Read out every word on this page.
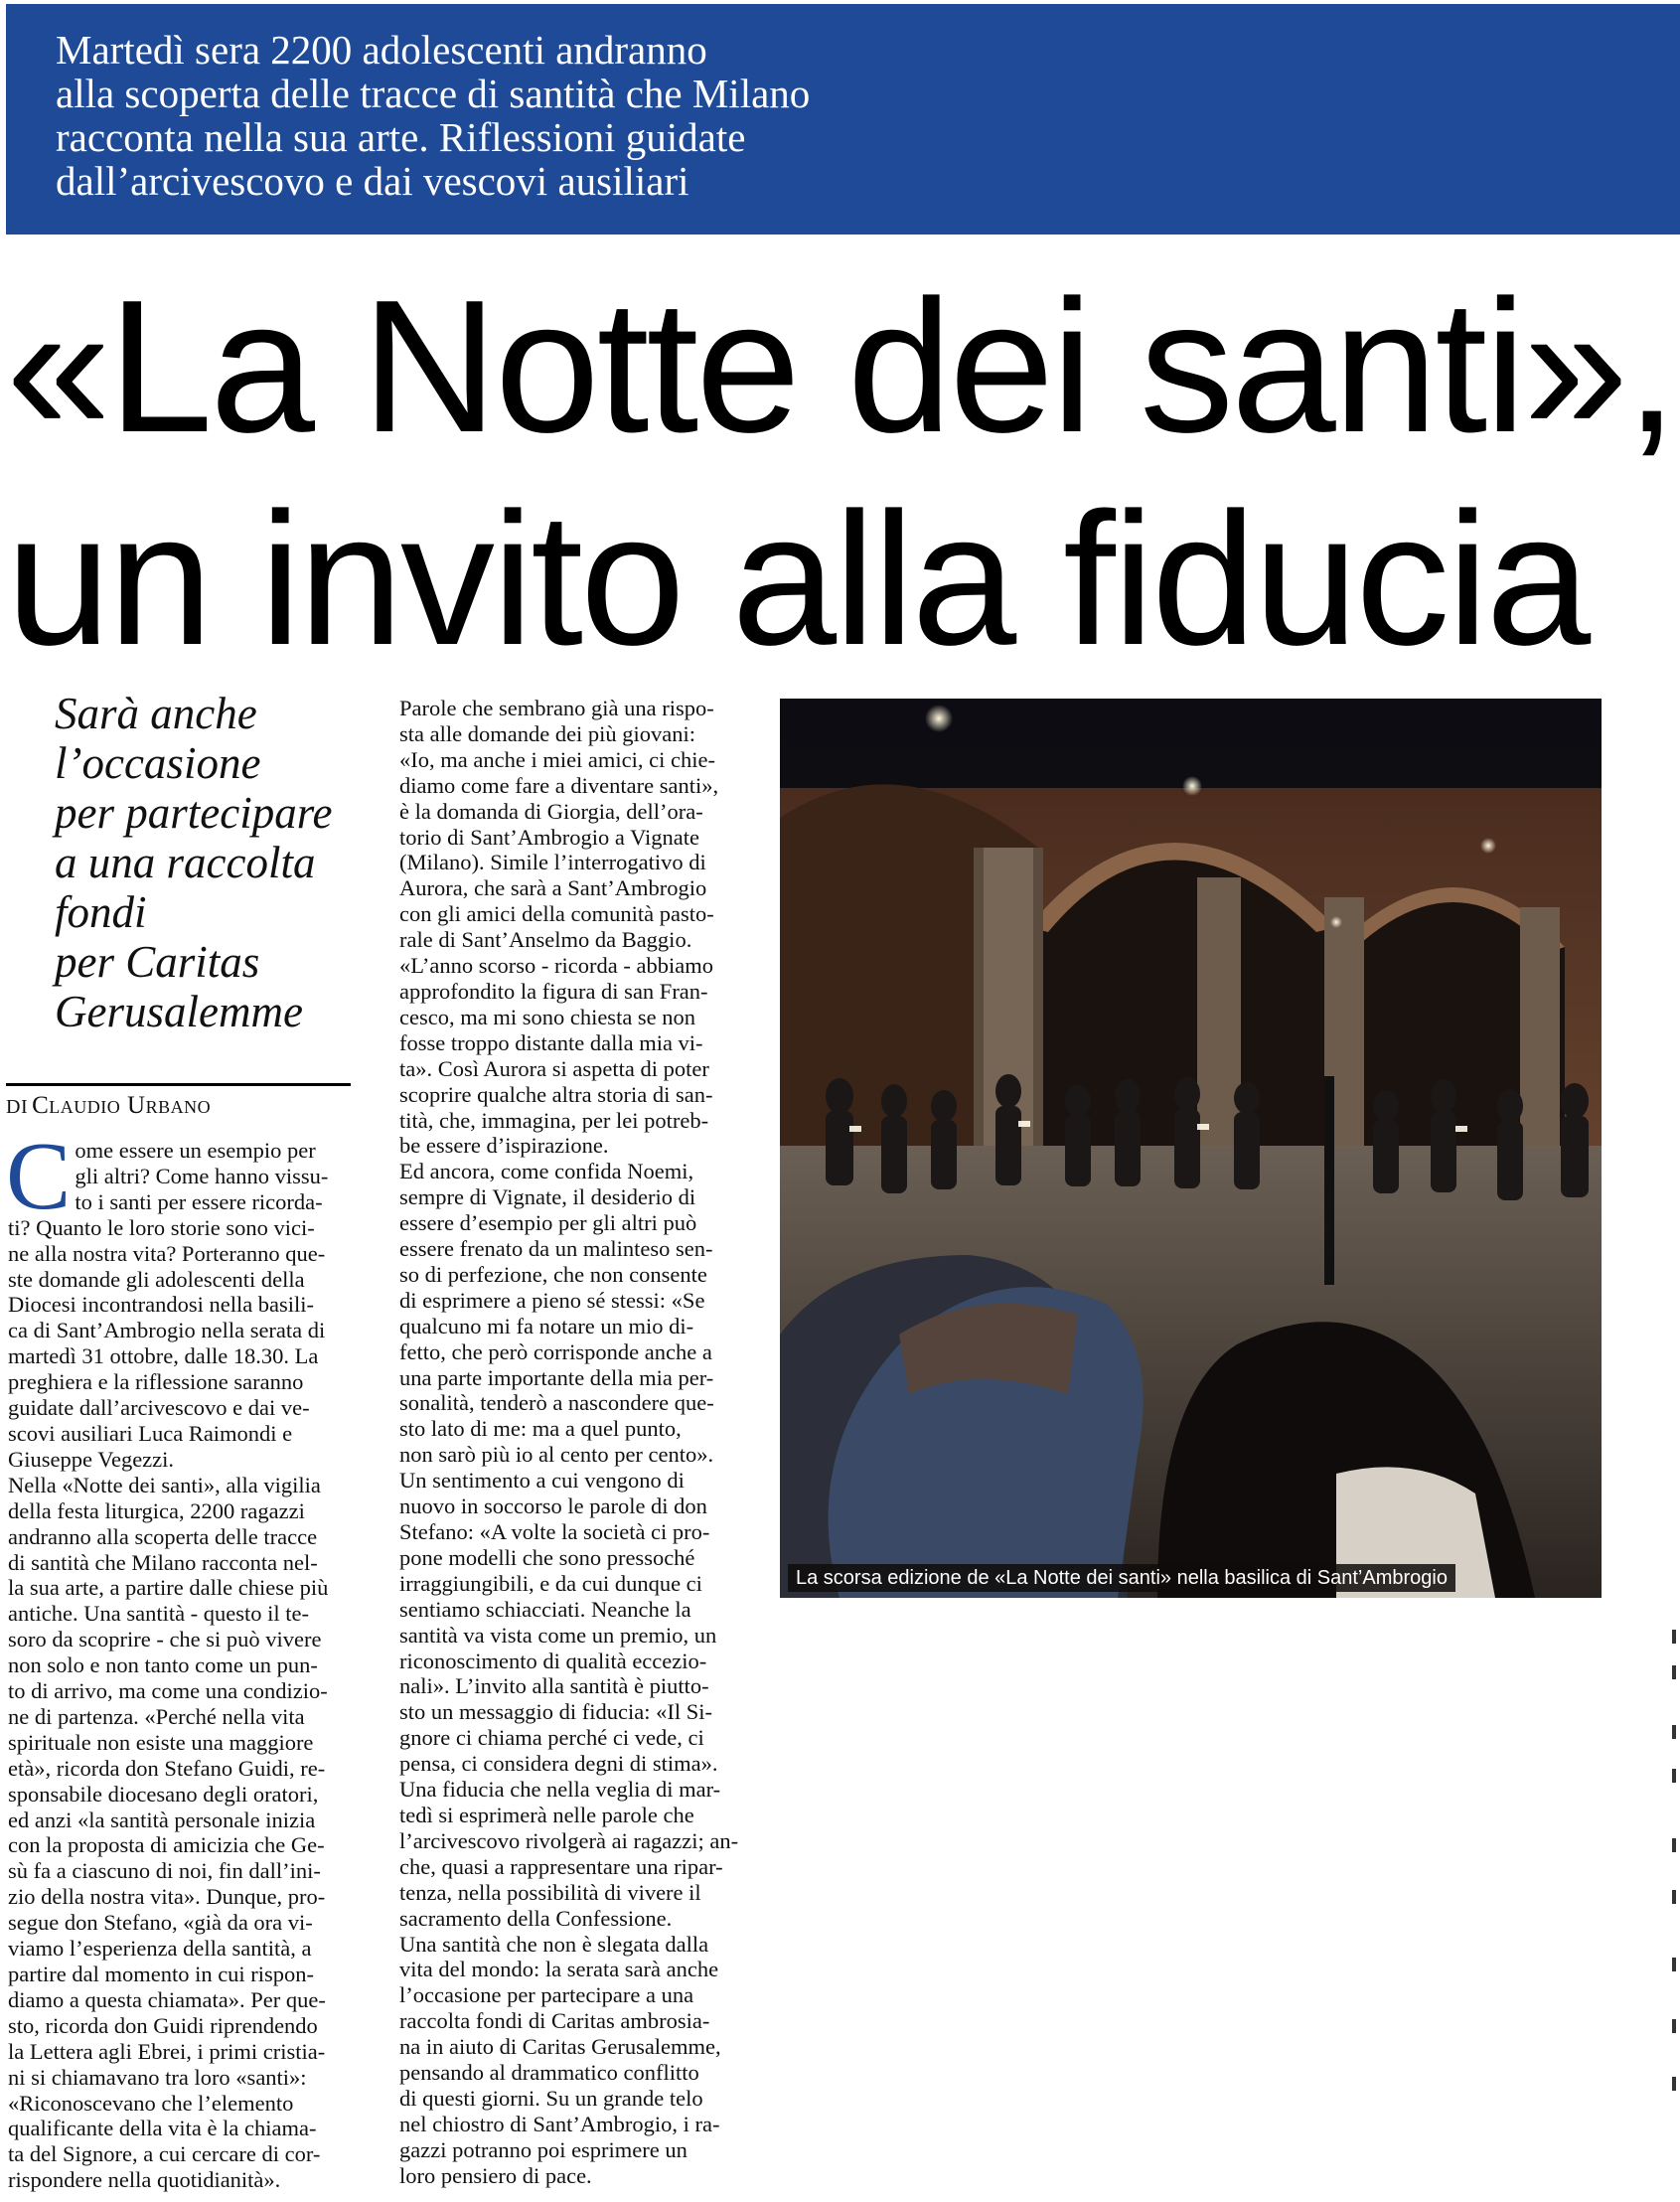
Martedì sera 2200 adolescenti andranno
alla scoperta delle tracce di santità che Milano
racconta nella sua arte. Riflessioni guidate
dall’arcivescovo e dai vescovi ausiliari

«La Notte dei santi»,
un invito alla fiducia

Sarà anche
l’occasione
per partecipare
a una raccolta
fondi
per Caritas
Gerusalemme

DI Claudio Urbano

Come essere un esempio per
gli altri? Come hanno vissu-
to i santi per essere ricorda-
ti? Quanto le loro storie sono vici-
ne alla nostra vita? Porteranno que-
ste domande gli adolescenti della
Diocesi incontrandosi nella basili-
ca di Sant’Ambrogio nella serata di
martedì 31 ottobre, dalle 18.30. La
preghiera e la riflessione saranno
guidate dall’arcivescovo e dai ve-
scovi ausiliari Luca Raimondi e
Giuseppe Vegezzi.
Nella «Notte dei santi», alla vigilia
della festa liturgica, 2200 ragazzi
andranno alla scoperta delle tracce
di santità che Milano racconta nel-
la sua arte, a partire dalle chiese più
antiche. Una santità - questo il te-
soro da scoprire - che si può vivere
non solo e non tanto come un pun-
to di arrivo, ma come una condizio-
ne di partenza. «Perché nella vita
spirituale non esiste una maggiore
età», ricorda don Stefano Guidi, re-
sponsabile diocesano degli oratori,
ed anzi «la santità personale inizia
con la proposta di amicizia che Ge-
sù fa a ciascuno di noi, fin dall’ini-
zio della nostra vita». Dunque, pro-
segue don Stefano, «già da ora vi-
viamo l’esperienza della santità, a
partire dal momento in cui rispon-
diamo a questa chiamata». Per que-
sto, ricorda don Guidi riprendendo
la Lettera agli Ebrei, i primi cristia-
ni si chiamavano tra loro «santi»:
«Riconoscevano che l’elemento
qualificante della vita è la chiama-
ta del Signore, a cui cercare di cor-
rispondere nella quotidianità».

Parole che sembrano già una rispo-
sta alle domande dei più giovani:
«Io, ma anche i miei amici, ci chie-
diamo come fare a diventare santi»,
è la domanda di Giorgia, dell’ora-
torio di Sant’Ambrogio a Vignate
(Milano). Simile l’interrogativo di
Aurora, che sarà a Sant’Ambrogio
con gli amici della comunità pasto-
rale di Sant’Anselmo da Baggio.
«L’anno scorso - ricorda - abbiamo
approfondito la figura di san Fran-
cesco, ma mi sono chiesta se non
fosse troppo distante dalla mia vi-
ta». Così Aurora si aspetta di poter
scoprire qualche altra storia di san-
tità, che, immagina, per lei potreb-
be essere d’ispirazione.
Ed ancora, come confida Noemi,
sempre di Vignate, il desiderio di
essere d’esempio per gli altri può
essere frenato da un malinteso sen-
so di perfezione, che non consente
di esprimere a pieno sé stessi: «Se
qualcuno mi fa notare un mio di-
fetto, che però corrisponde anche a
una parte importante della mia per-
sonalità, tenderò a nascondere que-
sto lato di me: ma a quel punto,
non sarò più io al cento per cento».
Un sentimento a cui vengono di
nuovo in soccorso le parole di don
Stefano: «A volte la società ci pro-
pone modelli che sono pressoché
irraggiungibili, e da cui dunque ci
sentiamo schiacciati. Neanche la
santità va vista come un premio, un
riconoscimento di qualità eccezio-
nali». L’invito alla santità è piutto-
sto un messaggio di fiducia: «Il Si-
gnore ci chiama perché ci vede, ci
pensa, ci considera degni di stima».
Una fiducia che nella veglia di mar-
tedì si esprimerà nelle parole che
l’arcivescovo rivolgerà ai ragazzi; an-
che, quasi a rappresentare una ripar-
tenza, nella possibilità di vivere il
sacramento della Confessione.
Una santità che non è slegata dalla
vita del mondo: la serata sarà anche
l’occasione per partecipare a una
raccolta fondi di Caritas ambrosia-
na in aiuto di Caritas Gerusalemme,
pensando al drammatico conflitto
di questi giorni. Su un grande telo
nel chiostro di Sant’Ambrogio, i ra-
gazzi potranno poi esprimere un
loro pensiero di pace.

La scorsa edizione de «La Notte dei santi» nella basilica di Sant’Ambrogio
